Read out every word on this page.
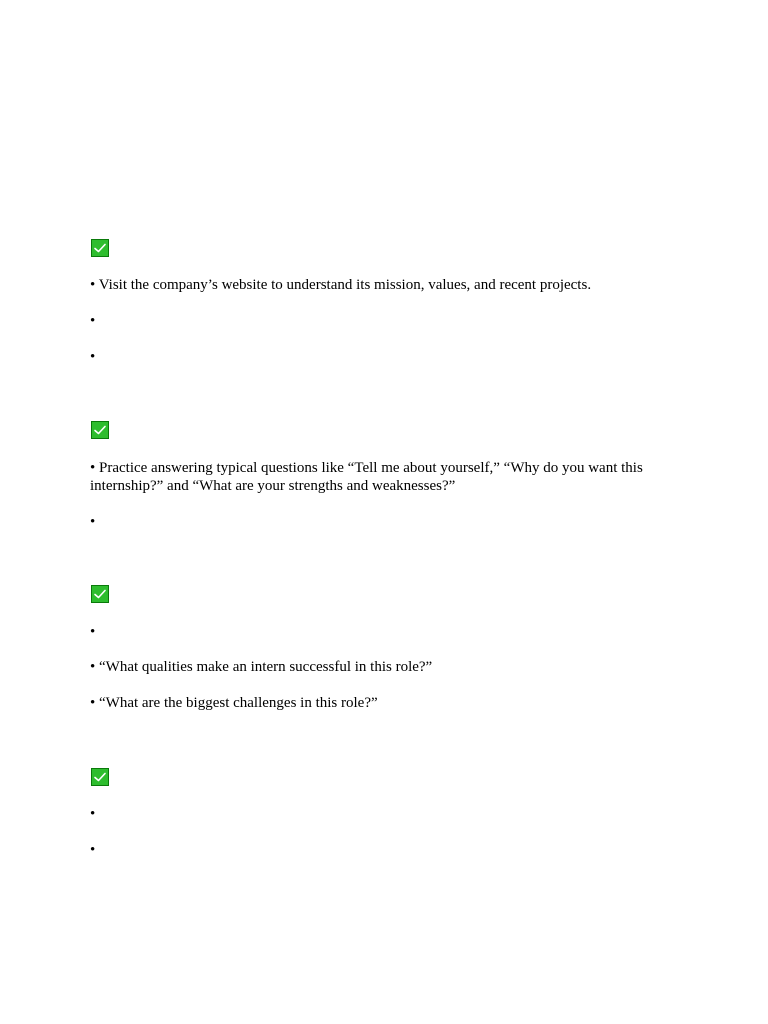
• Visit the company’s website to understand its mission, values, and recent projects.

•

•

• Practice answering typical questions like “Tell me about yourself,” “Why do you want this internship?” and “What are your strengths and weaknesses?”

•

•

• “What qualities make an intern successful in this role?”

• “What are the biggest challenges in this role?”

•

•
